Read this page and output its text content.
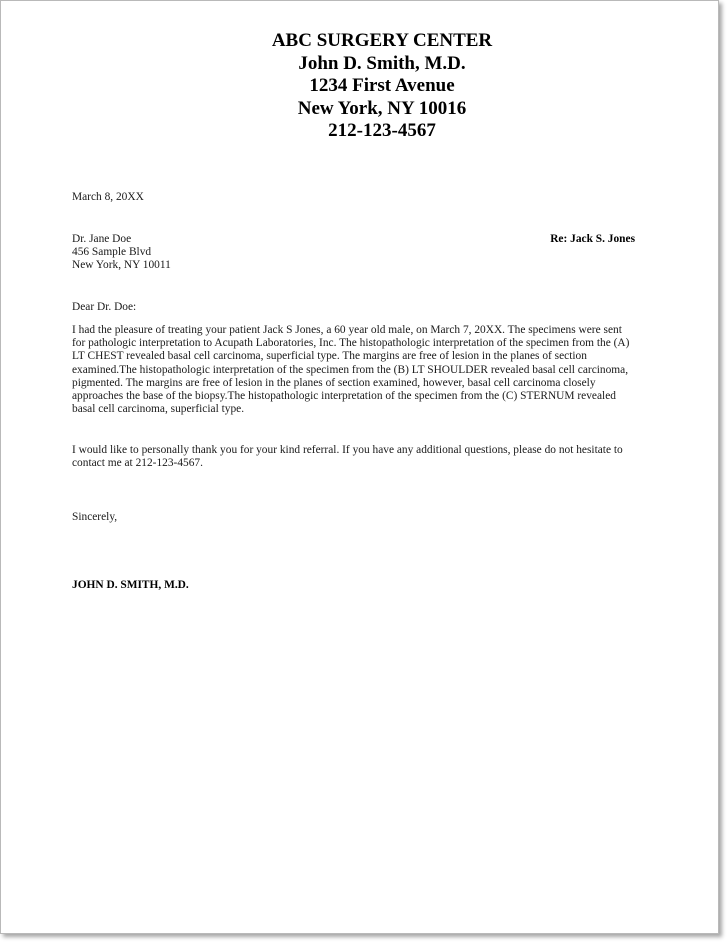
ABC SURGERY CENTER
John D. Smith, M.D.
1234 First Avenue
New York, NY 10016
212-123-4567
March 8, 20XX
Dr. Jane Doe
456 Sample Blvd
New York, NY 10011
Re: Jack S. Jones
Dear Dr. Doe:
I had the pleasure of treating your patient Jack S Jones, a 60 year old male, on March 7, 20XX. The specimens were sent
for pathologic interpretation to Acupath Laboratories, Inc. The histopathologic interpretation of the specimen from the (A)
LT CHEST revealed basal cell carcinoma, superficial type. The margins are free of lesion in the planes of section
examined.The histopathologic interpretation of the specimen from the (B) LT SHOULDER revealed basal cell carcinoma,
pigmented. The margins are free of lesion in the planes of section examined, however, basal cell carcinoma closely
approaches the base of the biopsy.The histopathologic interpretation of the specimen from the (C) STERNUM revealed
basal cell carcinoma, superficial type.
I would like to personally thank you for your kind referral. If you have any additional questions, please do not hesitate to
contact me at 212-123-4567.
Sincerely,
JOHN D. SMITH, M.D.
